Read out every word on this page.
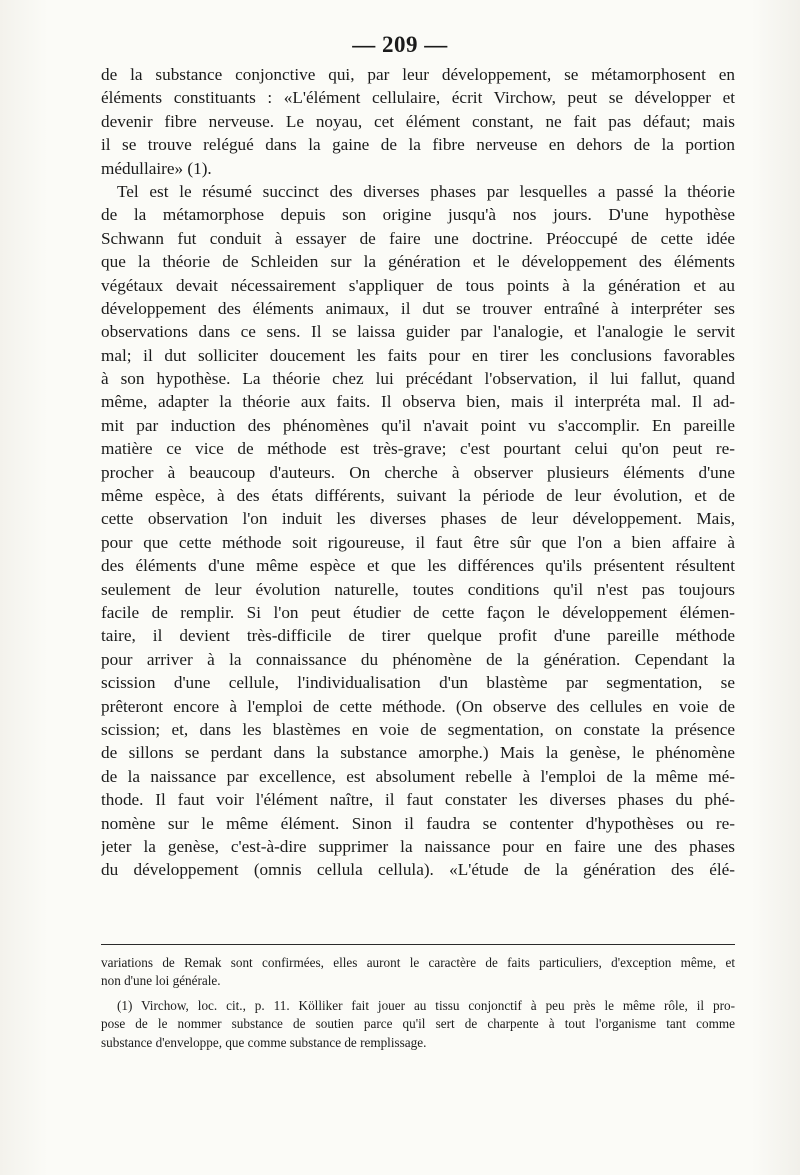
— 209 —
de la substance conjonctive qui, par leur développement, se métamorphosent en
éléments constituants : «L'élément cellulaire, écrit Virchow, peut se développer et
devenir fibre nerveuse. Le noyau, cet élément constant, ne fait pas défaut; mais
il se trouve relégué dans la gaine de la fibre nerveuse en dehors de la portion
médullaire» (1).
Tel est le résumé succinct des diverses phases par lesquelles a passé la théorie
de la métamorphose depuis son origine jusqu'à nos jours. D'une hypothèse
Schwann fut conduit à essayer de faire une doctrine. Préoccupé de cette idée
que la théorie de Schleiden sur la génération et le développement des éléments
végétaux devait nécessairement s'appliquer de tous points à la génération et au
développement des éléments animaux, il dut se trouver entraîné à interpréter ses
observations dans ce sens. Il se laissa guider par l'analogie, et l'analogie le servit
mal; il dut solliciter doucement les faits pour en tirer les conclusions favorables
à son hypothèse. La théorie chez lui précédant l'observation, il lui fallut, quand
même, adapter la théorie aux faits. Il observa bien, mais il interpréta mal. Il ad-
mit par induction des phénomènes qu'il n'avait point vu s'accomplir. En pareille
matière ce vice de méthode est très-grave; c'est pourtant celui qu'on peut re-
procher à beaucoup d'auteurs. On cherche à observer plusieurs éléments d'une
même espèce, à des états différents, suivant la période de leur évolution, et de
cette observation l'on induit les diverses phases de leur développement. Mais,
pour que cette méthode soit rigoureuse, il faut être sûr que l'on a bien affaire à
des éléments d'une même espèce et que les différences qu'ils présentent résultent
seulement de leur évolution naturelle, toutes conditions qu'il n'est pas toujours
facile de remplir. Si l'on peut étudier de cette façon le développement élémen-
taire, il devient très-difficile de tirer quelque profit d'une pareille méthode
pour arriver à la connaissance du phénomène de la génération. Cependant la
scission d'une cellule, l'individualisation d'un blastème par segmentation, se
prêteront encore à l'emploi de cette méthode. (On observe des cellules en voie de
scission; et, dans les blastèmes en voie de segmentation, on constate la présence
de sillons se perdant dans la substance amorphe.) Mais la genèse, le phénomène
de la naissance par excellence, est absolument rebelle à l'emploi de la même mé-
thode. Il faut voir l'élément naître, il faut constater les diverses phases du phé-
nomène sur le même élément. Sinon il faudra se contenter d'hypothèses ou re-
jeter la genèse, c'est-à-dire supprimer la naissance pour en faire une des phases
du développement (omnis cellula cellula). «L'étude de la génération des élé-
variations de Remak sont confirmées, elles auront le caractère de faits particuliers, d'exception même, et
non d'une loi générale.
(1) Virchow, loc. cit., p. 11. Kölliker fait jouer au tissu conjonctif à peu près le même rôle, il pro-
pose de le nommer substance de soutien parce qu'il sert de charpente à tout l'organisme tant comme
substance d'enveloppe, que comme substance de remplissage.
